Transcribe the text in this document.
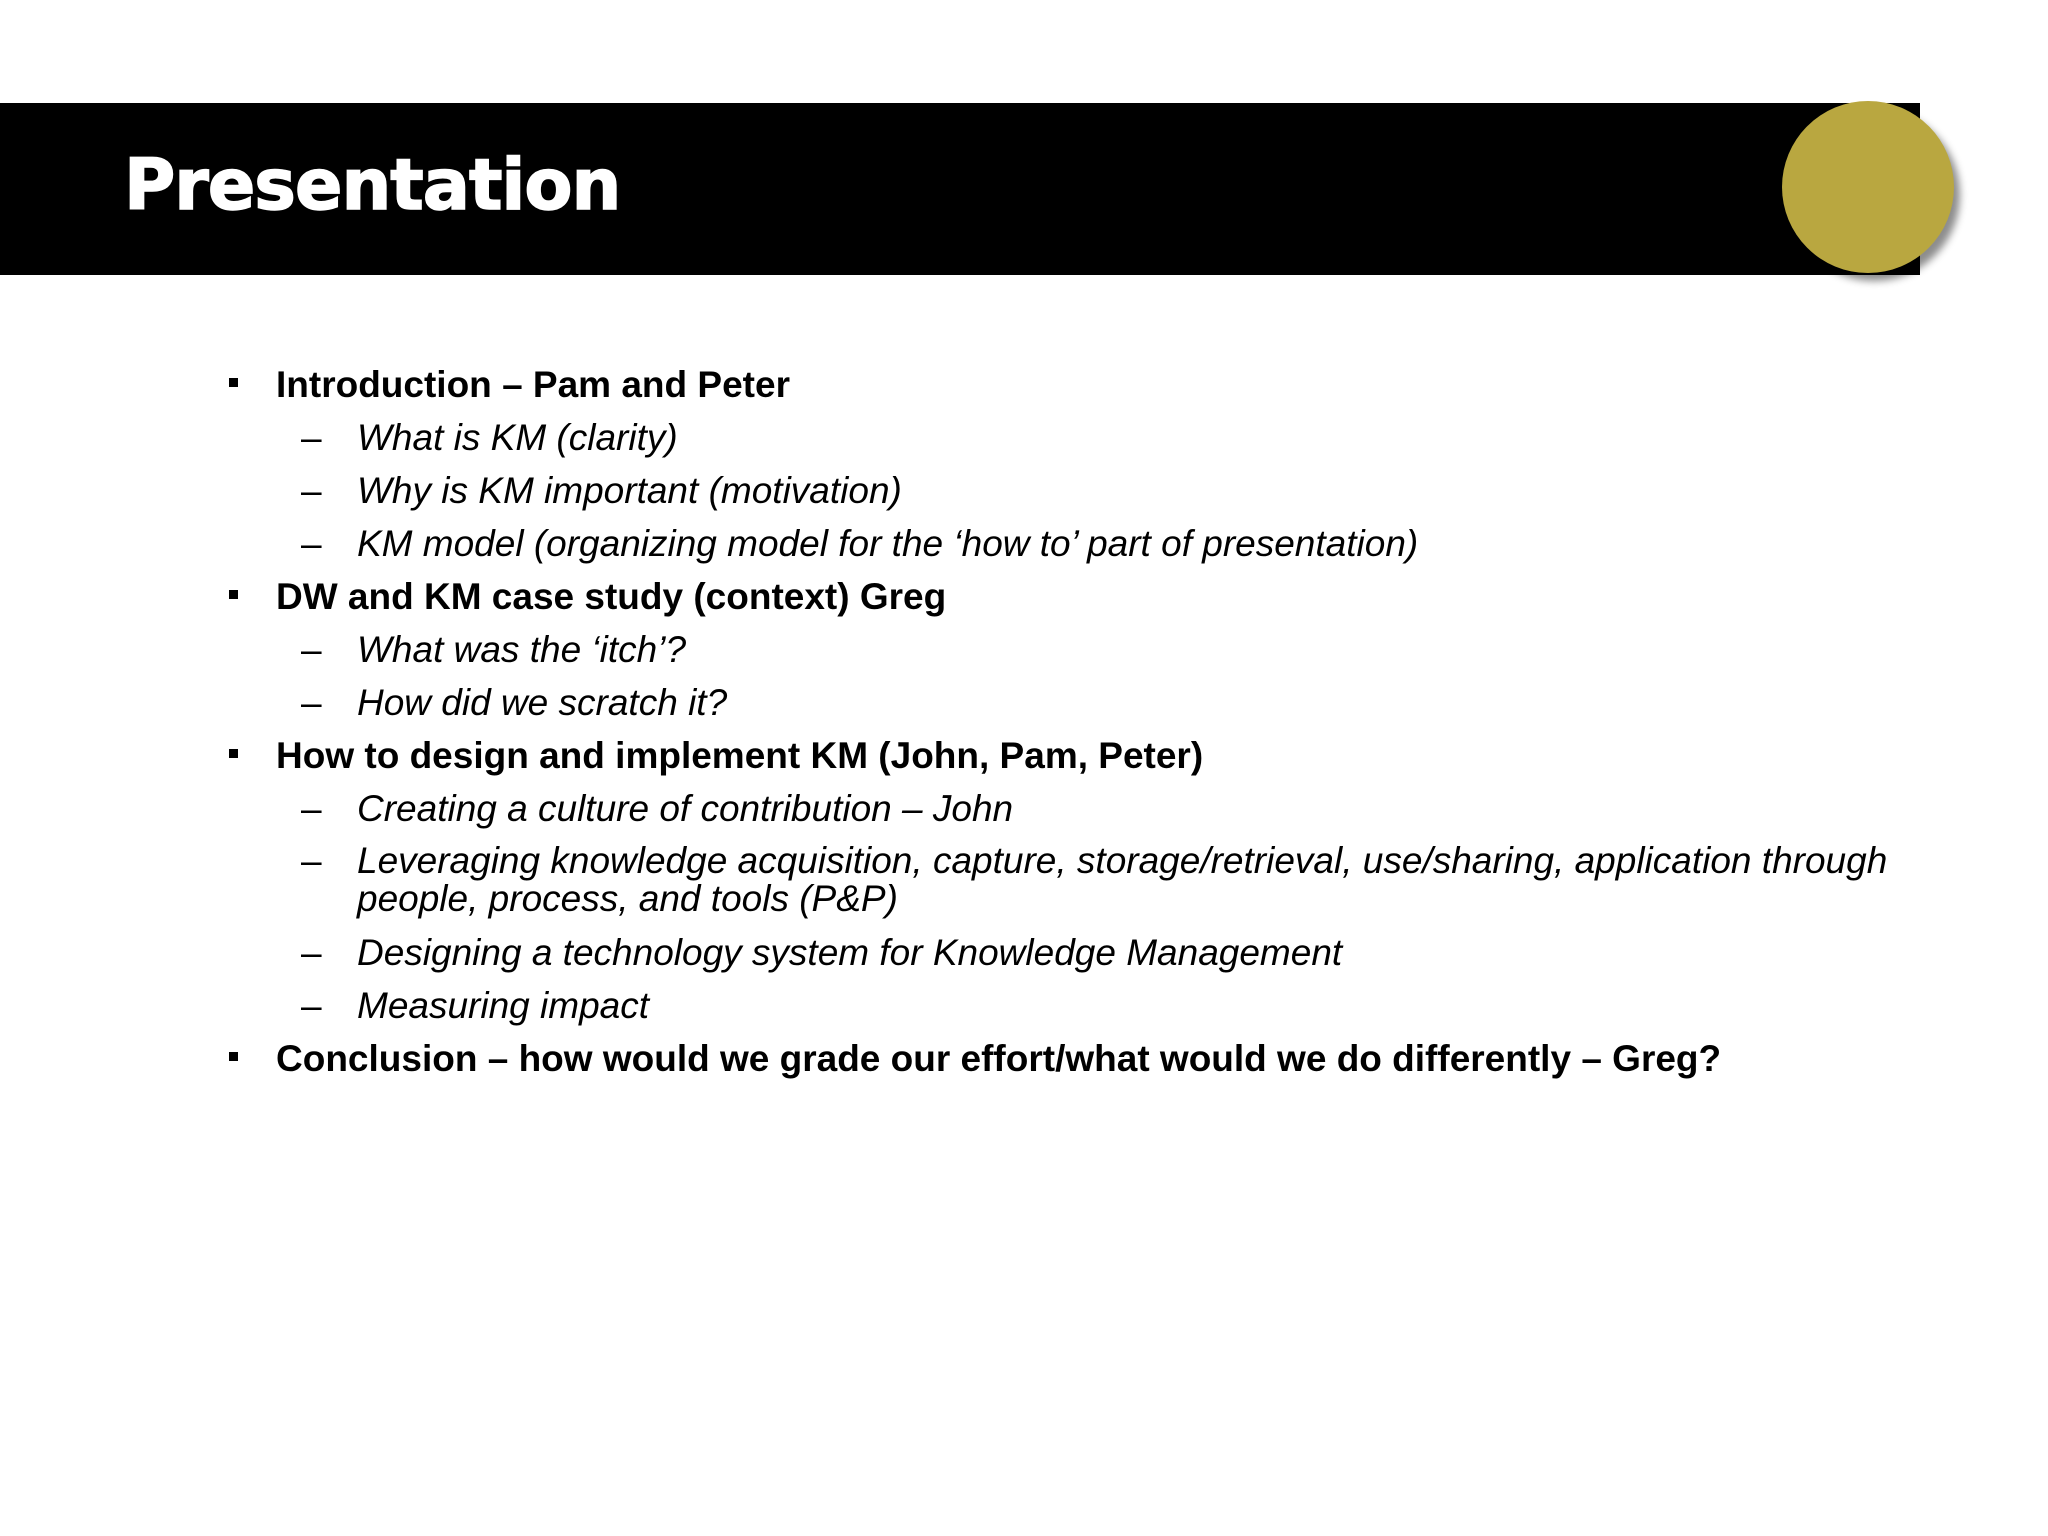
Presentation
Introduction – Pam and Peter
– What is KM (clarity)
– Why is KM important (motivation)
– KM model (organizing model for the ‘how to’ part of presentation)
DW and KM case study (context) Greg
– What was the ‘itch’?
– How did we scratch it?
How to design and implement KM (John, Pam, Peter)
– Creating a culture of contribution – John
– Leveraging knowledge acquisition, capture, storage/retrieval, use/sharing, application through people, process, and tools (P&P)
– Designing a technology system for Knowledge Management
– Measuring impact
Conclusion – how would we grade our effort/what would we do differently – Greg?
